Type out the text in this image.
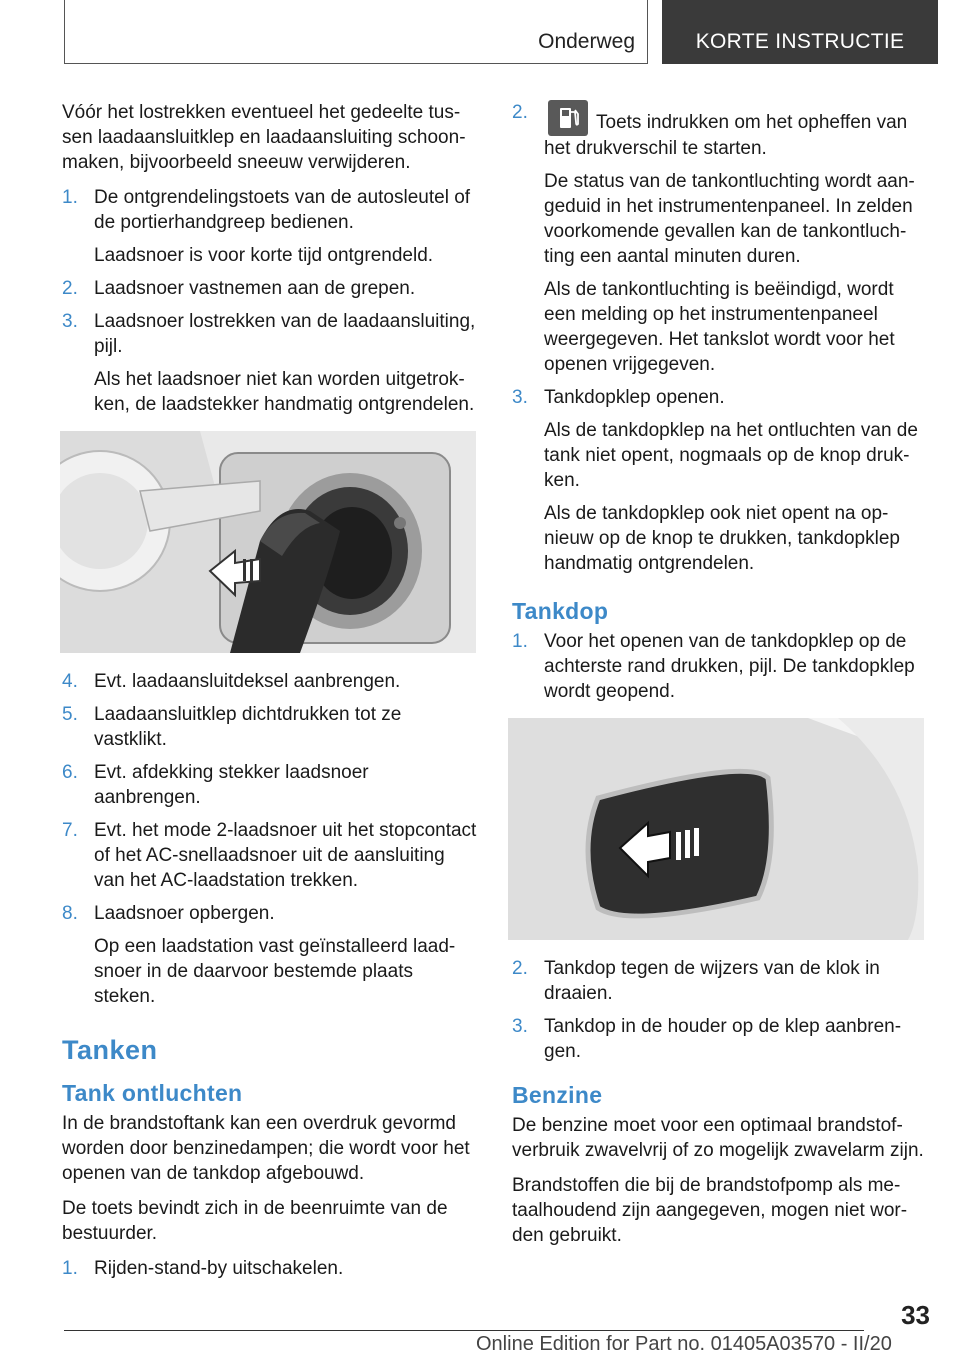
Onderweg	KORTE INSTRUCTIE

Vóór het lostrekken eventueel het gedeelte tussen laadaansluitklep en laadaansluiting schoonmaken, bijvoorbeeld sneeuw verwijderen.

1. De ontgrendelingstoets van de autosleutel of de portierhandgreep bedienen.

Laadsnoer is voor korte tijd ontgrendeld.

2. Laadsnoer vastnemen aan de grepen.

3. Laadsnoer lostrekken van de laadaansluiting, pijl.

Als het laadsnoer niet kan worden uitgetrokken, de laadstekker handmatig ontgrendelen.

4. Evt. laadaansluitdeksel aanbrengen.

5. Laadaansluitklep dichtdrukken tot ze vastklikt.

6. Evt. afdekking stekker laadsnoer aanbrengen.

7. Evt. het mode 2-laadsnoer uit het stopcontact of het AC-snellaadsnoer uit de aansluiting van het AC-laadstation trekken.

8. Laadsnoer opbergen.

Op een laadstation vast geïnstalleerd laadsnoer in de daarvoor bestemde plaats steken.

Tanken
Tank ontluchten

In de brandstoftank kan een overdruk gevormd worden door benzinedampen; die wordt voor het openen van de tankdop afgebouwd.

De toets bevindt zich in de beenruimte van de bestuurder.

1. Rijden-stand-by uitschakelen.

2.	Toets indrukken om het opheffen van het drukverschil te starten.

De status van de tankontluchting wordt aangeduid in het instrumentenpaneel. In zelden voorkomende gevallen kan de tankontluchting een aantal minuten duren.

Als de tankontluchting is beëindigd, wordt een melding op het instrumentenpaneel weergegeven. Het tankslot wordt voor het openen vrijgegeven.

3. Tankdopklep openen.

Als de tankdopklep na het ontluchten van de tank niet opent, nogmaals op de knop drukken.

Als de tankdopklep ook niet opent na opnieuw op de knop te drukken, tankdopklep handmatig ontgrendelen.

Tankdop
1. Voor het openen van de tankdopklep op de achterste rand drukken, pijl. De tankdopklep wordt geopend.

2. Tankdop tegen de wijzers van de klok in draaien.

3. Tankdop in de houder op de klep aanbrengen.

Benzine

De benzine moet voor een optimaal brandstofverbruik zwavelvrij of zo mogelijk zwavelarm zijn.

Brandstoffen die bij de brandstofpomp als metaalhoudend zijn aangegeven, mogen niet worden gebruikt.

33
Online Edition for Part no. 01405A03570 - II/20
